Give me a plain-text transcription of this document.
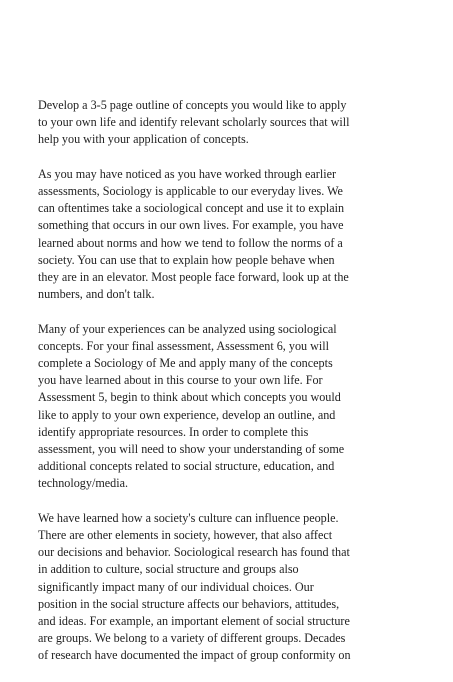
Develop a 3-5 page outline of concepts you would like to apply
to your own life and identify relevant scholarly sources that will
help you with your application of concepts.

As you may have noticed as you have worked through earlier
assessments, Sociology is applicable to our everyday lives. We
can oftentimes take a sociological concept and use it to explain
something that occurs in our own lives. For example, you have
learned about norms and how we tend to follow the norms of a
society. You can use that to explain how people behave when
they are in an elevator. Most people face forward, look up at the
numbers, and don't talk.

Many of your experiences can be analyzed using sociological
concepts. For your final assessment, Assessment 6, you will
complete a Sociology of Me and apply many of the concepts
you have learned about in this course to your own life. For
Assessment 5, begin to think about which concepts you would
like to apply to your own experience, develop an outline, and
identify appropriate resources. In order to complete this
assessment, you will need to show your understanding of some
additional concepts related to social structure, education, and
technology/media.

We have learned how a society's culture can influence people.
There are other elements in society, however, that also affect
our decisions and behavior. Sociological research has found that
in addition to culture, social structure and groups also
significantly impact many of our individual choices. Our
position in the social structure affects our behaviors, attitudes,
and ideas. For example, an important element of social structure
are groups. We belong to a variety of different groups. Decades
of research have documented the impact of group conformity on
